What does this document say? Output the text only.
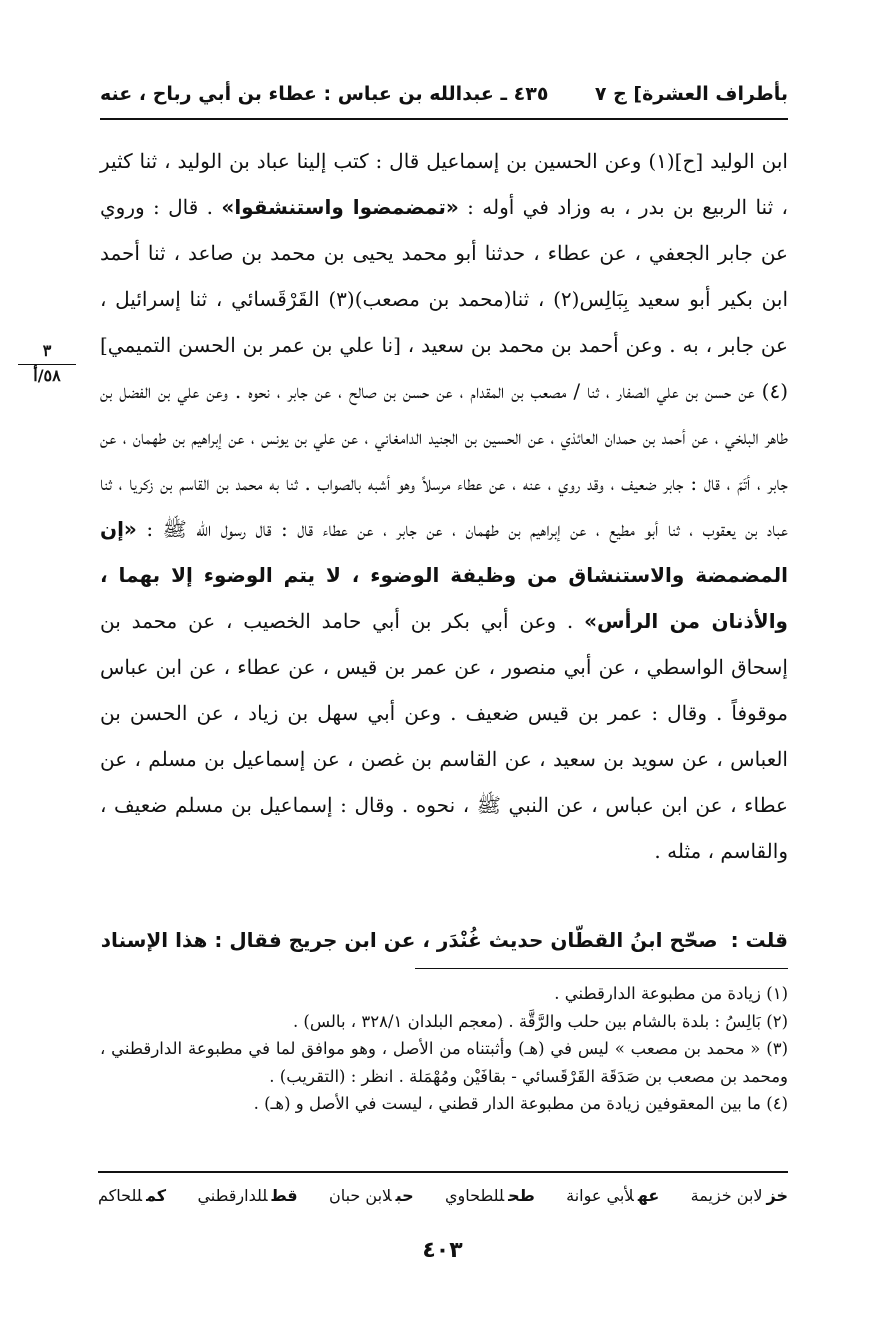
بأطراف العشرة] ج ٧
٤٣٥ ـ عبدالله بن عباس : عطاء بن أبي رباح ، عنه
٣
٥٨/أ

ابن الوليد [ح](١) وعن الحسين بن إسماعيل قال : كتب إلينا عباد بن الوليد ، ثنا كثير ، ثنا الربيع بن بدر ، به وزاد في أوله : «تمضمضوا واستنشقوا» . قال : وروي عن جابر الجعفي ، عن عطاء ، حدثنا أبو محمد يحيى بن محمد بن صاعد ، ثنا أحمد ابن بكير أبو سعيد بِبَالِس(٢) ، ثنا(محمد بن مصعب)(٣) القَرْقَسائي ، ثنا إسرائيل ، عن جابر ، به . وعن أحمد بن محمد بن سعيد ، [نا علي بن عمر بن الحسن التميمي](٤) عن حسن بن علي الصفار ، ثنا / مصعب بن المقدام ، عن حسن بن صالح ، عن جابر ، نحوه . وعن علي بن الفضل بن طاهر البلخي ، عن أحمد بن حمدان العائذي ، عن الحسين بن الجنيد الدامغاني ، عن علي بن يونس ، عن إبراهيم بن طهمان ، عن جابر ، أتَمّ ، قال : جابر ضعيف ، وقد روي ، عنه ، عن عطاء مرسلاً وهو أشبه بالصواب . ثنا به محمد بن القاسم بن زكريا ، ثنا عباد بن يعقوب ، ثنا أبو مطيع ، عن إبراهيم بن طهمان ، عن جابر ، عن عطاء قال : قال رسول الله ﷺ : «إن المضمضة والاستنشاق من وظيفة الوضوء ، لا يتم الوضوء إلا بهما ، والأذنان من الرأس» . وعن أبي بكر بن أبي حامد الخصيب ، عن محمد بن إسحاق الواسطي ، عن أبي منصور ، عن عمر بن قيس ، عن عطاء ، عن ابن عباس موقوفاً . وقال : عمر بن قيس ضعيف . وعن أبي سهل بن زياد ، عن الحسن بن العباس ، عن سويد بن سعيد ، عن القاسم بن غصن ، عن إسماعيل بن مسلم ، عن عطاء ، عن ابن عباس ، عن النبي ﷺ ، نحوه . وقال : إسماعيل بن مسلم ضعيف ، والقاسم ، مثله .

قلت : صحّح ابنُ القطّان حديث غُنْدَر ، عن ابن جريج فقال : هذا الإسناد

(١) زيادة من مطبوعة الدارقطني .

(٢) بَالِسُ : بلدة بالشام بين حلب والرَّقَّة . (معجم البلدان ٣٢٨/١ ، بالس) .

(٣) « محمد بن مصعب » ليس في (هـ) وأثبتناه من الأصل ، وهو موافق لما في مطبوعة الدارقطني ، ومحمد بن مصعب بن صَدَقَة القَرْقَسائي - بقافَيْن ومُهْمَلة . انظر : (التقريب) .

(٤) ما بين المعقوفين زيادة من مطبوعة الدار قطني ، ليست في الأصل و (هـ) .

خزلابن خزيمة
عهلأبي عوانة
طحللطحاوي
حبلابن حبان
قطللدارقطني
كمللحاكم
٤٠٣
